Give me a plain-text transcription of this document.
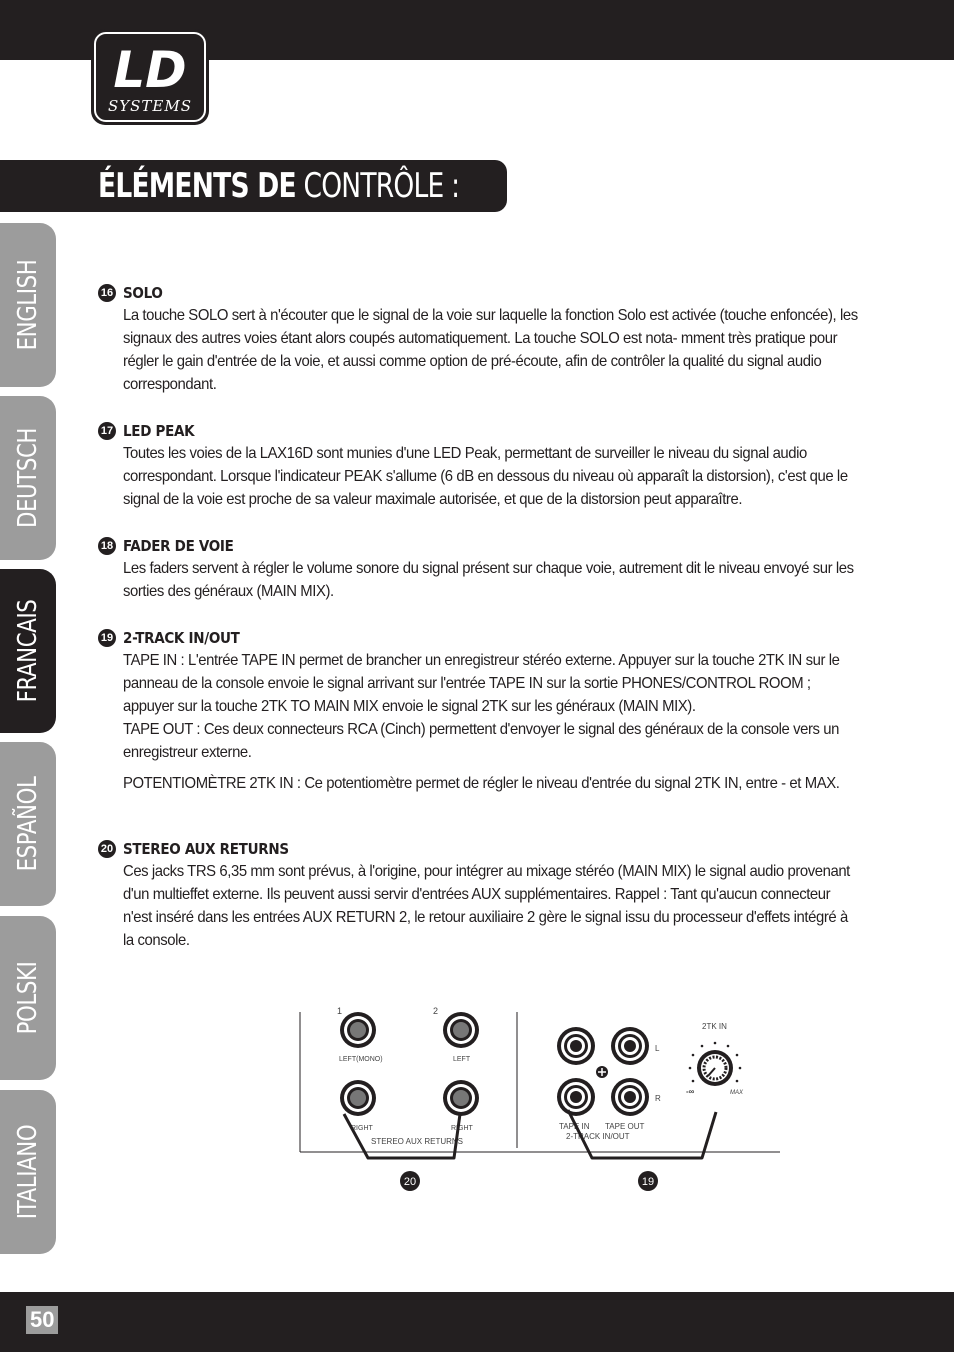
LD
SYSTEMS
ÉLÉMENTS DE CONTRÔLE :
ENGLISH
DEUTSCH
FRANCAIS
ESPAÑOL
POLSKI
ITALIANO
16 SOLO
La touche SOLO sert à n'écouter que le signal de la voie sur laquelle la fonction Solo est activée (touche enfoncée), les signaux des autres voies étant alors coupés automatiquement. La touche SOLO est nota- mment très pratique pour régler le gain d'entrée de la voie, et aussi comme option de pré-écoute, afin de contrôler la qualité du signal audio correspondant.
17 LED PEAK
Toutes les voies de la LAX16D sont munies d'une LED Peak, permettant de surveiller le niveau du signal audio correspondant. Lorsque l'indicateur PEAK s'allume (6 dB en dessous du niveau où apparaît la distorsion), c'est que le signal de la voie est proche de sa valeur maximale autorisée, et que de la distorsion peut apparaître.
18 FADER DE VOIE
Les faders servent à régler le volume sonore du signal présent sur chaque voie, autrement dit le niveau envoyé sur les sorties des généraux (MAIN MIX).
19 2-TRACK IN/OUT
TAPE IN : L'entrée TAPE IN permet de brancher un enregistreur stéréo externe. Appuyer sur la touche 2TK IN sur le panneau de la console envoie le signal arrivant sur l'entrée TAPE IN sur la sortie PHONES/CONTROL ROOM ; appuyer sur la touche 2TK TO MAIN MIX envoie le signal 2TK sur les généraux (MAIN MIX).
TAPE OUT : Ces deux connecteurs RCA (Cinch) permettent d'envoyer le signal des généraux de la console vers un enregistreur externe.
POTENTIOMÈTRE 2TK IN : Ce potentiomètre permet de régler le niveau d'entrée du signal 2TK IN, entre - et MAX.
20 STEREO AUX RETURNS
Ces jacks TRS 6,35 mm sont prévus, à l'origine, pour intégrer au mixage stéréo (MAIN MIX) le signal audio provenant d'un multieffet externe. Ils peuvent aussi servir d'entrées AUX supplémentaires. Rappel : Tant qu'aucun connecteur n'est inséré dans les entrées AUX RETURN 2, le retour auxiliaire 2 gère le signal issu du processeur d'effets intégré à la console.
1	2
LEFT(MONO)	LEFT
RIGHT	RIGHT
STEREO AUX RETURNS
L
R
TAPE IN TAPE OUT
2-TRACK IN/OUT
2TK IN
-∞	MAX
20	19
50
